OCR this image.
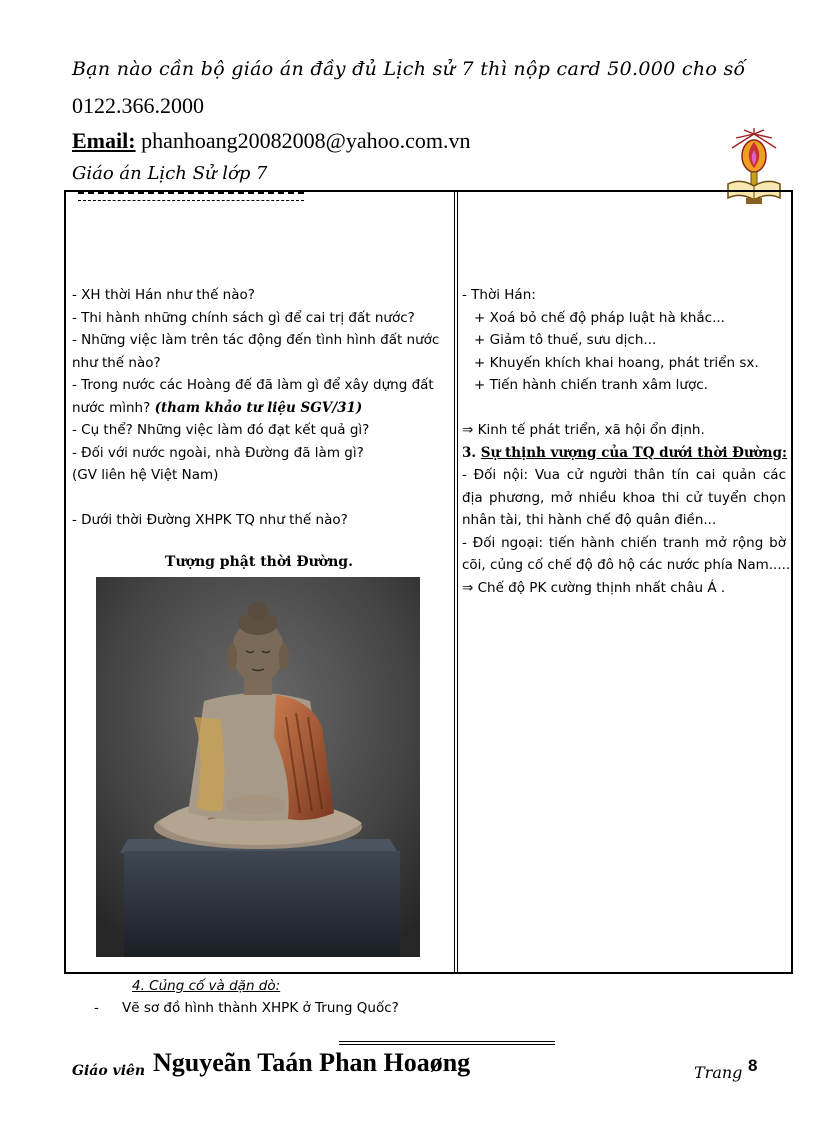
Bạn nào cần bộ giáo án đầy đủ Lịch sử 7 thì nộp card 50.000 cho số
0122.366.2000
Email: phanhoang20082008@yahoo.com.vn
Giáo án Lịch Sử lớp 7
- XH thời Hán như thế nào?
- Thi hành những chính sách gì để cai trị đất nước?
- Những việc làm trên tác động đến tình hình đất nước
như thế nào?
- Trong nước các Hoàng đế đã làm gì để xây dựng đất
nước mình? (tham khảo tư liệu SGV/31)
- Cụ thể? Những việc làm đó đạt kết quả gì?
- Đối với nước ngoài, nhà Đường đã làm gì?
(GV liên hệ Việt Nam)
- Dưới thời Đường XHPK TQ như thế nào?
Tượng phật thời Đường.
- Thời Hán:
+ Xoá bỏ chế độ pháp luật hà khắc...
+ Giảm tô thuế, sưu dịch...
+ Khuyến khích khai hoang, phát triển sx.
+ Tiến hành chiến tranh xâm lược.
⇒ Kinh tế phát triển, xã hội ổn định.
3. Sự thịnh vượng của TQ dưới thời Đường:
- Đối nội: Vua cử người thân tín cai quản các
địa phương, mở nhiều khoa thi cử tuyển chọn
nhân tài, thi hành chế độ quân điền...
- Đối ngoại: tiến hành chiến tranh mở rộng bờ
cõi, củng cố chế độ đô hộ các nước phía Nam.....
⇒ Chế độ PK cường thịnh nhất châu Á .
4. Củng cố và dặn dò:
- Vẽ sơ đồ hình thành XHPK ở Trung Quốc?
Giáo viên Nguyeãn Taán Phan Hoaøng	Trang 8
